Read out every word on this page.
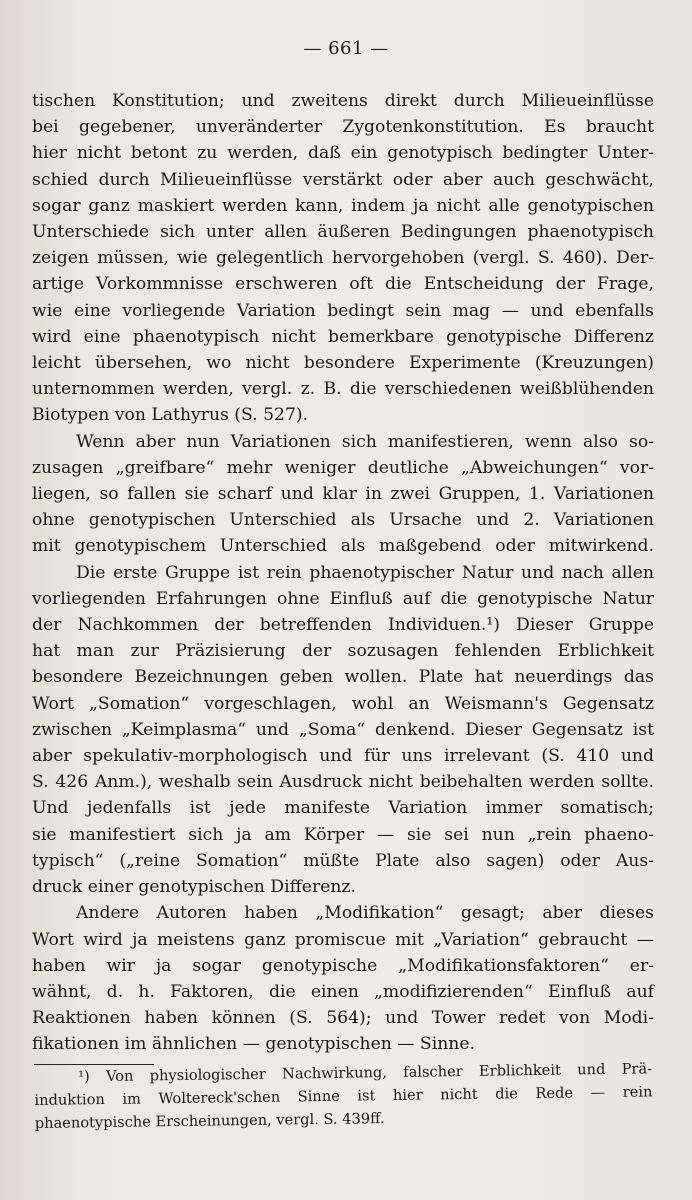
— 661 —
tischen Konstitution; und zweitens direkt durch Milieueinflüsse
bei gegebener, unveränderter Zygotenkonstitution. Es braucht
hier nicht betont zu werden, daß ein genotypisch bedingter Unter-
schied durch Milieueinflüsse verstärkt oder aber auch geschwächt,
sogar ganz maskiert werden kann, indem ja nicht alle genotypischen
Unterschiede sich unter allen äußeren Bedingungen phaenotypisch
zeigen müssen, wie gelegentlich hervorgehoben (vergl. S. 460). Der-
artige Vorkommnisse erschweren oft die Entscheidung der Frage,
wie eine vorliegende Variation bedingt sein mag — und ebenfalls
wird eine phaenotypisch nicht bemerkbare genotypische Differenz
leicht übersehen, wo nicht besondere Experimente (Kreuzungen)
unternommen werden, vergl. z. B. die verschiedenen weißblühenden
Biotypen von Lathyrus (S. 527).
Wenn aber nun Variationen sich manifestieren, wenn also so-
zusagen „greifbare“ mehr weniger deutliche „Abweichungen“ vor-
liegen, so fallen sie scharf und klar in zwei Gruppen, 1. Variationen
ohne genotypischen Unterschied als Ursache und 2. Variationen
mit genotypischem Unterschied als maßgebend oder mitwirkend.
Die erste Gruppe ist rein phaenotypischer Natur und nach allen
vorliegenden Erfahrungen ohne Einfluß auf die genotypische Natur
der Nachkommen der betreffenden Individuen.¹) Dieser Gruppe
hat man zur Präzisierung der sozusagen fehlenden Erblichkeit
besondere Bezeichnungen geben wollen. Plate hat neuerdings das
Wort „Somation“ vorgeschlagen, wohl an Weismann's Gegensatz
zwischen „Keimplasma“ und „Soma“ denkend. Dieser Gegensatz ist
aber spekulativ-morphologisch und für uns irrelevant (S. 410 und
S. 426 Anm.), weshalb sein Ausdruck nicht beibehalten werden sollte.
Und jedenfalls ist jede manifeste Variation immer somatisch;
sie manifestiert sich ja am Körper — sie sei nun „rein phaeno-
typisch“ („reine Somation“ müßte Plate also sagen) oder Aus-
druck einer genotypischen Differenz.
Andere Autoren haben „Modifikation“ gesagt; aber dieses
Wort wird ja meistens ganz promiscue mit „Variation“ gebraucht —
haben wir ja sogar genotypische „Modifikationsfaktoren“ er-
wähnt, d. h. Faktoren, die einen „modifizierenden“ Einfluß auf
Reaktionen haben können (S. 564); und Tower redet von Modi-
fikationen im ähnlichen — genotypischen — Sinne.
¹) Von physiologischer Nachwirkung, falscher Erblichkeit und Prä-
induktion im Woltereck'schen Sinne ist hier nicht die Rede — rein
phaenotypische Erscheinungen, vergl. S. 439ff.
